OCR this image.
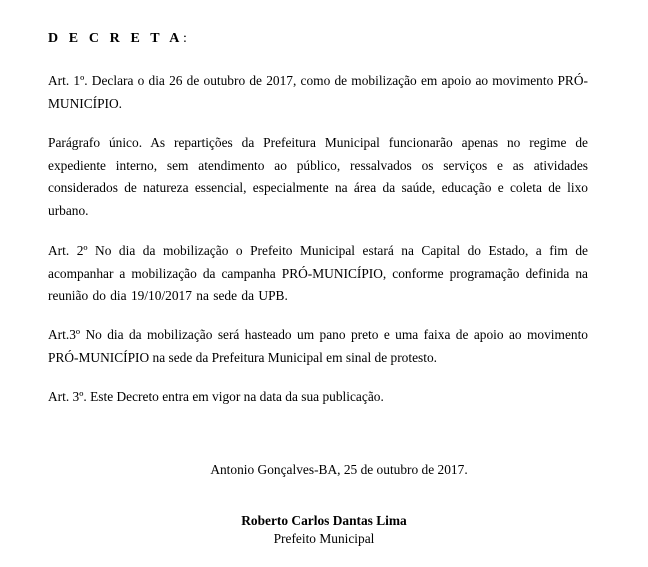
D E C R E T A:

Art. 1º. Declara o dia 26 de outubro de 2017, como de mobilização em apoio ao movimento PRÓ-MUNICÍPIO.

Parágrafo único. As repartições da Prefeitura Municipal funcionarão apenas no regime de expediente interno, sem atendimento ao público, ressalvados os serviços e as atividades considerados de natureza essencial, especialmente na área da saúde, educação e coleta de lixo urbano.

Art. 2º No dia da mobilização o Prefeito Municipal estará na Capital do Estado, a fim de acompanhar a mobilização da campanha PRÓ-MUNICÍPIO, conforme programação definida na reunião do dia 19/10/2017 na sede da UPB.

Art.3º No dia da mobilização será hasteado um pano preto e uma faixa de apoio ao movimento PRÓ-MUNICÍPIO na sede da Prefeitura Municipal em sinal de protesto.

Art. 3º. Este Decreto entra em vigor na data da sua publicação.

Antonio Gonçalves-BA, 25 de outubro de 2017.
Roberto Carlos Dantas Lima
Prefeito Municipal
